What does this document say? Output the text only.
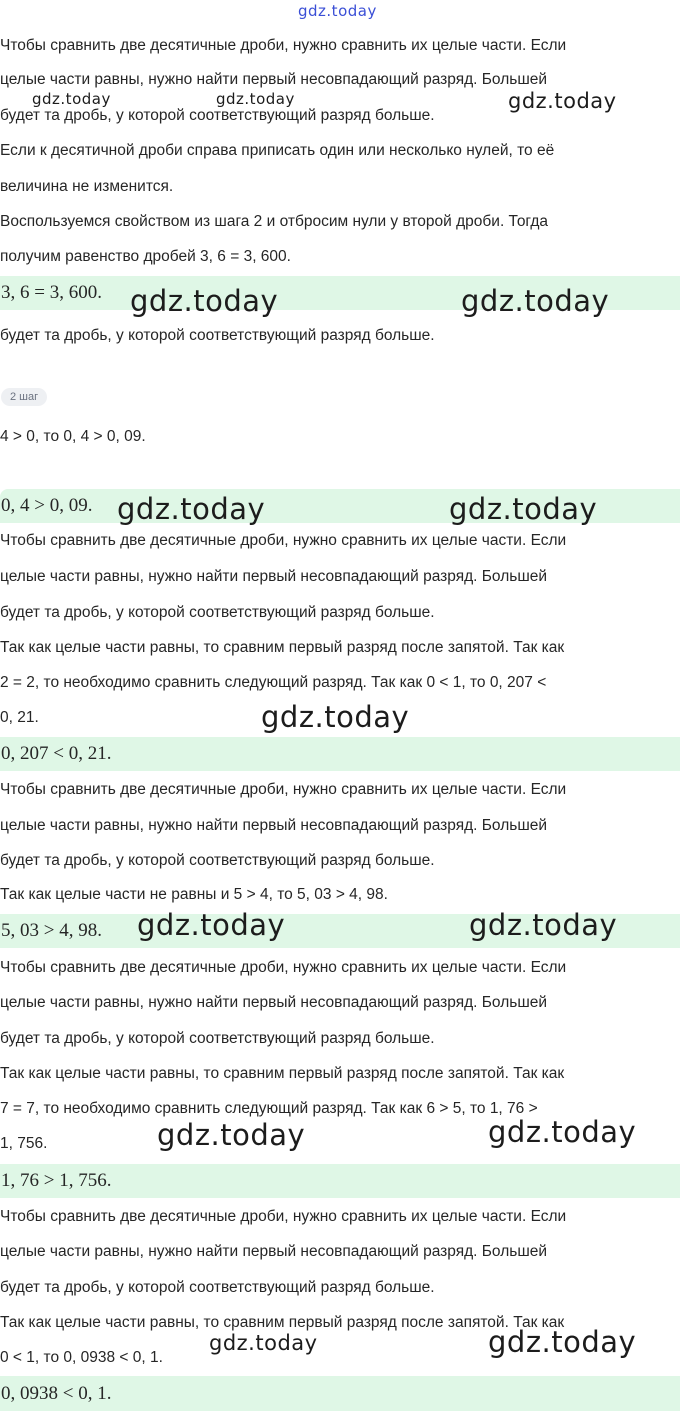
gdz.today
Чтобы сравнить две десятичные дроби, нужно сравнить их целые части. Если
целые части равны, нужно найти первый несовпадающий разряд. Большей
gdz.today	gdz.today	gdz.today
будет та дробь, у которой соответствующий разряд больше.
Если к десятичной дроби справа приписать один или несколько нулей, то её
величина не изменится.
Воспользуемся свойством из шага 2 и отбросим нули у второй дроби. Тогда
получим равенство дробей 3, 6 = 3, 600.
3, 6 = 3, 600. gdz.today	gdz.today
будет та дробь, у которой соответствующий разряд больше.
2 шаг
4 > 0, то 0, 4 > 0, 09.
0, 4 > 0, 09. gdz.today	gdz.today
Чтобы сравнить две десятичные дроби, нужно сравнить их целые части. Если
целые части равны, нужно найти первый несовпадающий разряд. Большей
будет та дробь, у которой соответствующий разряд больше.
Так как целые части равны, то сравним первый разряд после запятой. Так как
2 = 2, то необходимо сравнить следующий разряд. Так как 0 < 1, то 0, 207 <
0, 21.	gdz.today
0, 207 < 0, 21.
Чтобы сравнить две десятичные дроби, нужно сравнить их целые части. Если
целые части равны, нужно найти первый несовпадающий разряд. Большей
будет та дробь, у которой соответствующий разряд больше.
Так как целые части не равны и 5 > 4, то 5, 03 > 4, 98.
5, 03 > 4, 98. gdz.today	gdz.today
Чтобы сравнить две десятичные дроби, нужно сравнить их целые части. Если
целые части равны, нужно найти первый несовпадающий разряд. Большей
будет та дробь, у которой соответствующий разряд больше.
Так как целые части равны, то сравним первый разряд после запятой. Так как
7 = 7, то необходимо сравнить следующий разряд. Так как 6 > 5, то 1, 76 >
1, 756.	gdz.today	gdz.today
1, 76 > 1, 756.
Чтобы сравнить две десятичные дроби, нужно сравнить их целые части. Если
целые части равны, нужно найти первый несовпадающий разряд. Большей
будет та дробь, у которой соответствующий разряд больше.
Так как целые части равны, то сравним первый разряд после запятой. Так как
0 < 1, то 0, 0938 < 0, 1.
gdz.today	gdz.today
0, 0938 < 0, 1.
